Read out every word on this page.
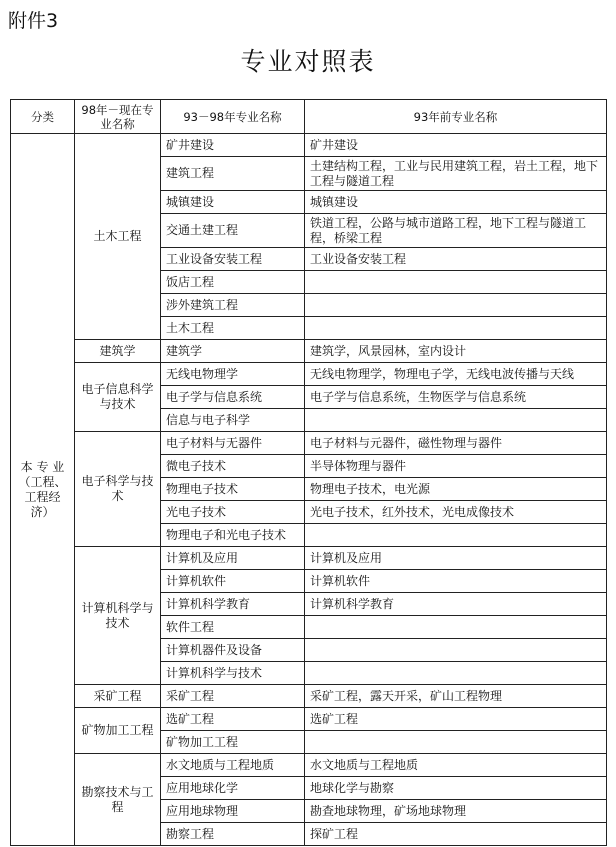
附件3
专业对照表
分类	98年－现在专业名称	93－98年专业名称	93年前专业名称
本 专 业 （工程、工程经济）	土木工程	矿井建设	矿井建设
		建筑工程	土建结构工程，工业与民用建筑工程，岩土工程，地下工程与隧道工程
		城镇建设	城镇建设
		交通土建工程	铁道工程，公路与城市道路工程，地下工程与隧道工程，桥梁工程
		工业设备安装工程	工业设备安装工程
		饭店工程	
		涉外建筑工程	
		土木工程	
	建筑学	建筑学	建筑学，风景园林，室内设计
	电子信息科学与技术	无线电物理学	无线电物理学，物理电子学，无线电波传播与天线
		电子学与信息系统	电子学与信息系统，生物医学与信息系统
		信息与电子科学	
	电子科学与技术	电子材料与无器件	电子材料与元器件，磁性物理与器件
		微电子技术	半导体物理与器件
		物理电子技术	物理电子技术，电光源
		光电子技术	光电子技术，红外技术，光电成像技术
		物理电子和光电子技术	
	计算机科学与技术	计算机及应用	计算机及应用
		计算机软件	计算机软件
		计算机科学教育	计算机科学教育
		软件工程	
		计算机器件及设备	
		计算机科学与技术	
	采矿工程	采矿工程	采矿工程，露天开采，矿山工程物理
	矿物加工工程	选矿工程	选矿工程
		矿物加工工程	
	勘察技术与工程	水文地质与工程地质	水文地质与工程地质
		应用地球化学	地球化学与勘察
		应用地球物理	勘查地球物理，矿场地球物理
		勘察工程	探矿工程
